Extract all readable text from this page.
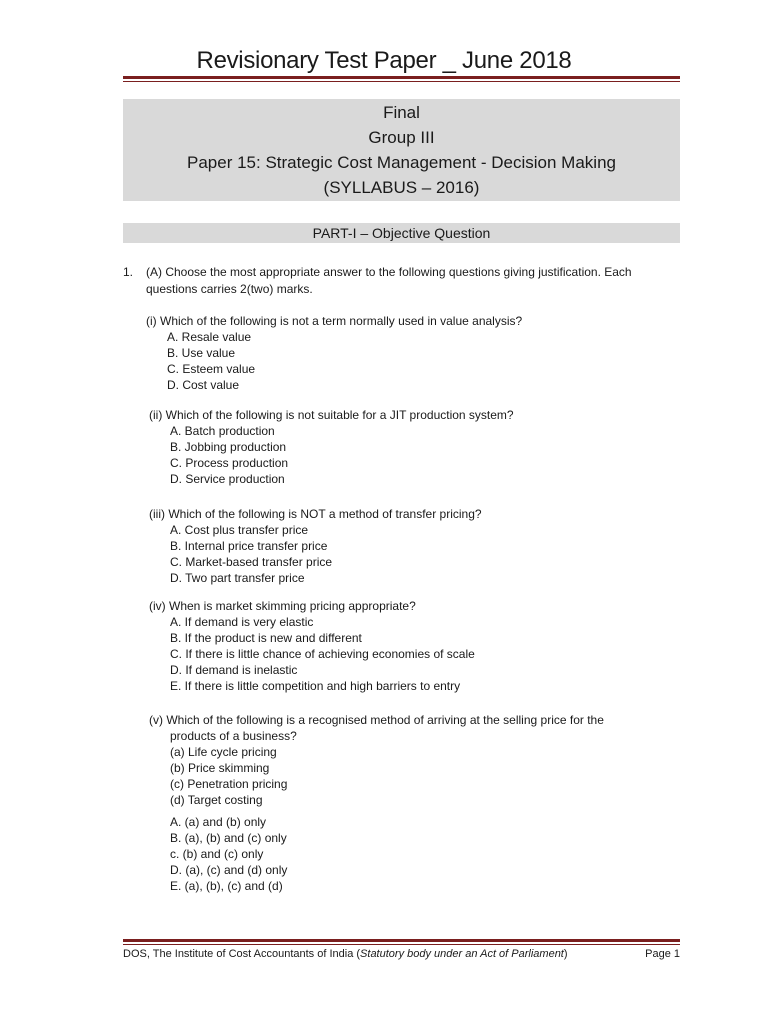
Revisionary Test Paper _ June 2018
Final
Group III
Paper 15: Strategic Cost Management - Decision Making
(SYLLABUS – 2016)
PART-I – Objective Question
1. (A) Choose the most appropriate answer to the following questions giving justification. Each questions carries 2(two) marks.
(i) Which of the following is not a term normally used in value analysis?
A. Resale value
B. Use value
C. Esteem value
D. Cost value
(ii) Which of the following is not suitable for a JIT production system?
A. Batch production
B. Jobbing production
C. Process production
D. Service production
(iii) Which of the following is NOT a method of transfer pricing?
A. Cost plus transfer price
B. Internal price transfer price
C. Market-based transfer price
D. Two part transfer price
(iv) When is market skimming pricing appropriate?
A. If demand is very elastic
B. If the product is new and different
C. If there is little chance of achieving economies of scale
D. If demand is inelastic
E. If there is little competition and high barriers to entry
(v) Which of the following is a recognised method of arriving at the selling price for the
products of a business?
(a) Life cycle pricing
(b) Price skimming
(c) Penetration pricing
(d) Target costing
A. (a) and (b) only
B. (a), (b) and (c) only
c. (b) and (c) only
D. (a), (c) and (d) only
E. (a), (b), (c) and (d)
DOS, The Institute of Cost Accountants of India (Statutory body under an Act of Parliament)	Page 1
